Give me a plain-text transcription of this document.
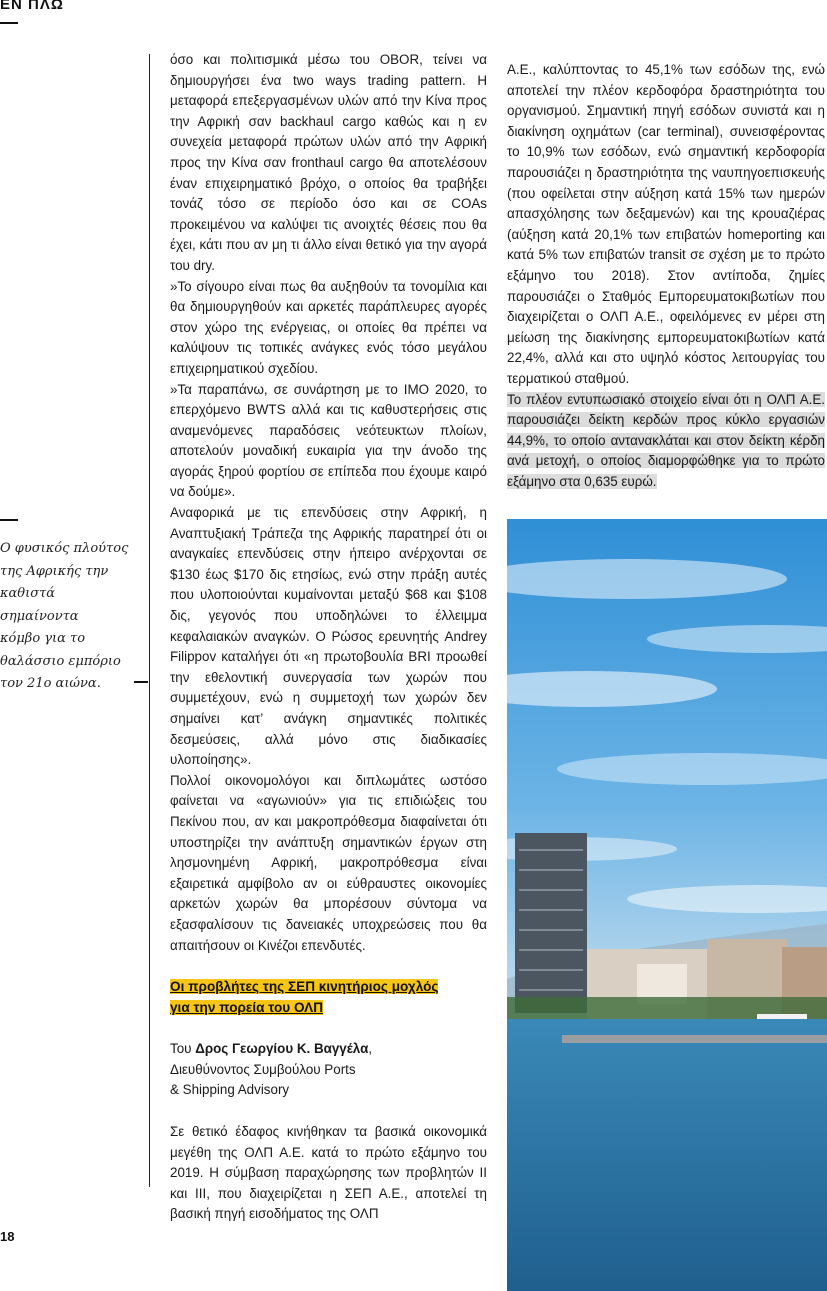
ΕΝ ΠΛΩ
Ο φυσικός πλούτος
της Αφρικής την
καθιστά σημαίνοντα
κόμβο για το
θαλάσσιο εμπόριο
τον 21ο αιώνα.

όσο και πολιτισμικά μέσω του OBOR, τείνει να δημιουργήσει ένα two ways trading pattern. Η μεταφορά επεξεργασμένων υλών από την Κίνα προς την Αφρική σαν backhaul cargo καθώς και η εν συνεχεία μεταφορά πρώτων υλών από την Αφρική προς την Κίνα σαν fronthaul cargo θα αποτελέσουν έναν επιχειρηματικό βρόχο, ο οποίος θα τραβήξει τονάζ τόσο σε περίοδο όσο και σε COAs προκειμένου να καλύψει τις ανοιχτές θέσεις που θα έχει, κάτι που αν μη τι άλλο είναι θετικό για την αγορά του dry.

»Το σίγουρο είναι πως θα αυξηθούν τα τονομίλια και θα δημιουργηθούν και αρκετές παράπλευρες αγορές στον χώρο της ενέργειας, οι οποίες θα πρέπει να καλύψουν τις τοπικές ανάγκες ενός τόσο μεγάλου επιχειρηματικού σχεδίου.

»Τα παραπάνω, σε συνάρτηση με το IMO 2020, το επερχόμενο BWTS αλλά και τις καθυστερήσεις στις αναμενόμενες παραδόσεις νεότευκτων πλοίων, αποτελούν μοναδική ευκαιρία για την άνοδο της αγοράς ξηρού φορτίου σε επίπεδα που έχουμε καιρό να δούμε».

Αναφορικά με τις επενδύσεις στην Αφρική, η Αναπτυξιακή Τράπεζα της Αφρικής παρατηρεί ότι οι αναγκαίες επενδύσεις στην ήπειρο ανέρχονται σε $130 έως $170 δις ετησίως, ενώ στην πράξη αυτές που υλοποιούνται κυμαίνονται μεταξύ $68 και $108 δις, γεγονός που υποδηλώνει το έλλειμμα κεφαλαιακών αναγκών. Ο Ρώσος ερευνητής Andrey Filippov καταλήγει ότι «η πρωτοβουλία BRI προωθεί την εθελοντική συνεργασία των χωρών που συμμετέχουν, ενώ η συμμετοχή των χωρών δεν σημαίνει κατ’ ανάγκη σημαντικές πολιτικές δεσμεύσεις, αλλά μόνο στις διαδικασίες υλοποίησης».

Πολλοί οικονομολόγοι και διπλωμάτες ωστόσο φαίνεται να «αγωνιούν» για τις επιδιώξεις του Πεκίνου που, αν και μακροπρόθεσμα διαφαίνεται ότι υποστηρίζει την ανάπτυξη σημαντικών έργων στη λησμονημένη Αφρική, μακροπρόθεσμα είναι εξαιρετικά αμφίβολο αν οι εύθραυστες οικονομίες αρκετών χωρών θα μπορέσουν σύντομα να εξασφαλίσουν τις δανειακές υποχρεώσεις που θα απαιτήσουν οι Κινέζοι επενδυτές.

Οι προβλήτες της ΣΕΠ κινητήριος μοχλός
για την πορεία του ΟΛΠ

Του Δρος Γεωργίου Κ. Βαγγέλα,
Διευθύνοντος Συμβούλου Ports
& Shipping Advisory

Σε θετικό έδαφος κινήθηκαν τα βασικά οικονομικά μεγέθη της ΟΛΠ Α.Ε. κατά το πρώτο εξάμηνο του 2019. Η σύμβαση παραχώρησης των προβλητών ΙΙ και ΙΙΙ, που διαχειρίζεται η ΣΕΠ Α.Ε., αποτελεί τη βασική πηγή εισοδήματος της ΟΛΠ

Α.Ε., καλύπτοντας το 45,1% των εσόδων της, ενώ αποτελεί την πλέον κερδοφόρα δραστηριότητα του οργανισμού. Σημαντική πηγή εσόδων συνιστά και η διακίνηση οχημάτων (car terminal), συνεισφέροντας το 10,9% των εσόδων, ενώ σημαντική κερδοφορία παρουσιάζει η δραστηριότητα της ναυπηγοεπισκευής (που οφείλεται στην αύξηση κατά 15% των ημερών απασχόλησης των δεξαμενών) και της κρουαζιέρας (αύξηση κατά 20,1% των επιβατών homeporting και κατά 5% των επιβατών transit σε σχέση με το πρώτο εξάμηνο του 2018). Στον αντίποδα, ζημίες παρουσιάζει ο Σταθμός Εμπορευματοκιβωτίων που διαχειρίζεται ο ΟΛΠ Α.Ε., οφειλόμενες εν μέρει στη μείωση της διακίνησης εμπορευματοκιβωτίων κατά 22,4%, αλλά και στο υψηλό κόστος λειτουργίας του τερματικού σταθμού.

Το πλέον εντυπωσιακό στοιχείο είναι ότι η ΟΛΠ Α.Ε. παρουσιάζει δείκτη κερδών προς κύκλο εργασιών 44,9%, το οποίο αντανακλάται και στον δείκτη κέρδη ανά μετοχή, ο οποίος διαμορφώθηκε για το πρώτο εξάμηνο στα 0,635 ευρώ.

18
